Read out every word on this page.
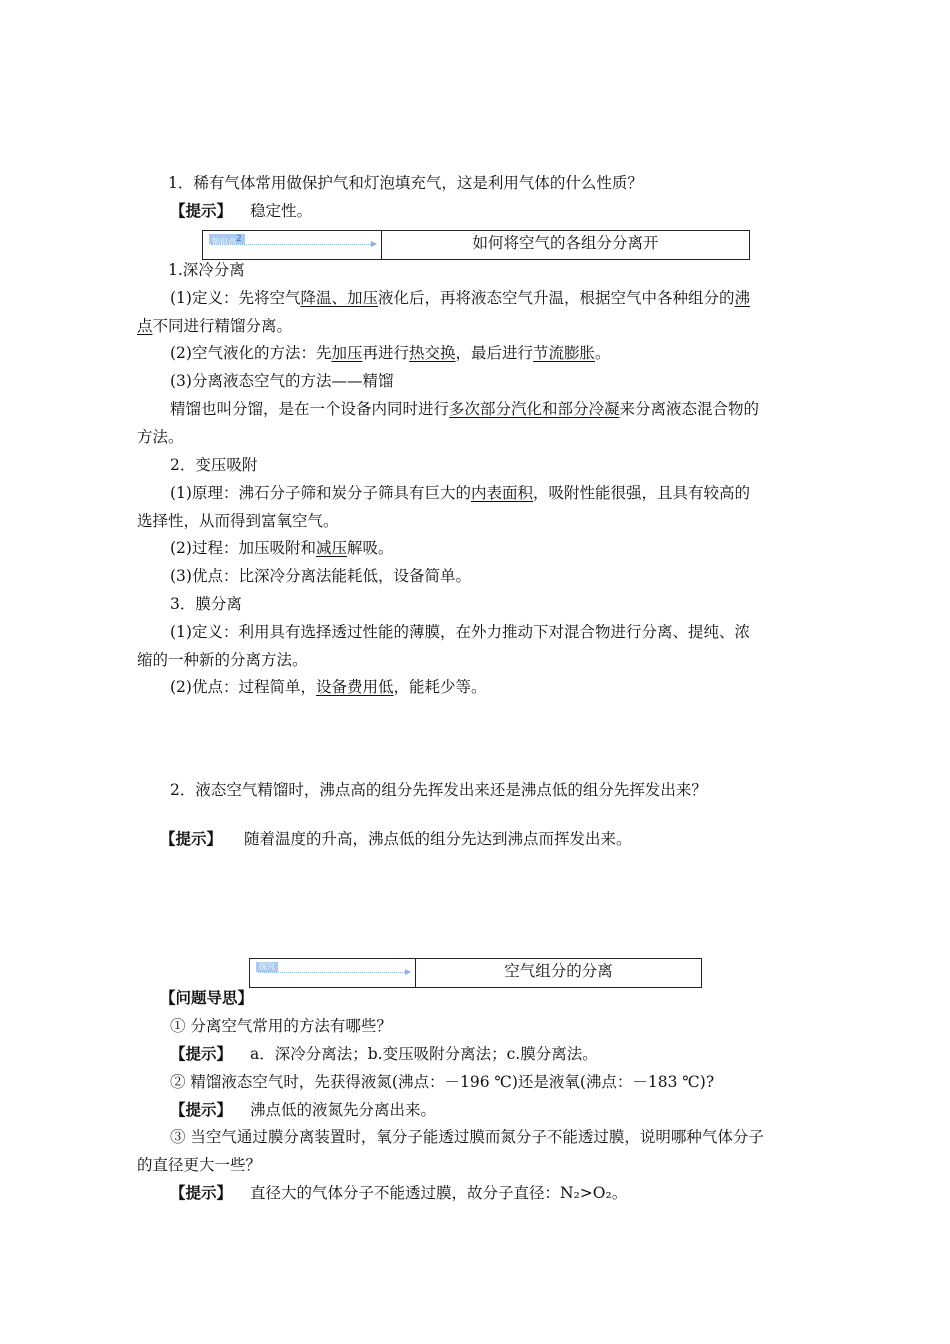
1．稀有气体常用做保护气和灯泡填充气，这是利用气体的什么性质？
【提示】 稳定性。
知识点$^2$	如何将空气的各组分分离开
1.深冷分离
(1)定义：先将空气降温、加压液化后，再将液态空气升温，根据空气中各种组分的沸
点不同进行精馏分离。
(2)空气液化的方法：先加压再进行热交换，最后进行节流膨胀。
(3)分离液态空气的方法——精馏
精馏也叫分馏，是在一个设备内同时进行多次部分汽化和部分冷凝来分离液态混合物的
方法。
2．变压吸附
(1)原理：沸石分子筛和炭分子筛具有巨大的内表面积，吸附性能很强，且具有较高的
选择性，从而得到富氧空气。
(2)过程：加压吸附和减压解吸。
(3)优点：比深冷分离法能耗低，设备简单。
3．膜分离
(1)定义：利用具有选择透过性能的薄膜，在外力推动下对混合物进行分离、提纯、浓
缩的一种新的分离方法。
(2)优点：过程简单，设备费用低，能耗少等。
2．液态空气精馏时，沸点高的组分先挥发出来还是沸点低的组分先挥发出来？
【提示】 随着温度的升高，沸点低的组分先达到沸点而挥发出来。
探究	空气组分的分离
【问题导思】
① 分离空气常用的方法有哪些？
【提示】 a．深冷分离法；b.变压吸附分离法；c.膜分离法。
② 精馏液态空气时，先获得液氮(沸点：－196 ℃)还是液氧(沸点：－183 ℃)?
【提示】 沸点低的液氮先分离出来。
③ 当空气通过膜分离装置时，氧分子能透过膜而氮分子不能透过膜，说明哪种气体分子
的直径更大一些？
【提示】 直径大的气体分子不能透过膜，故分子直径：N₂>O₂。
